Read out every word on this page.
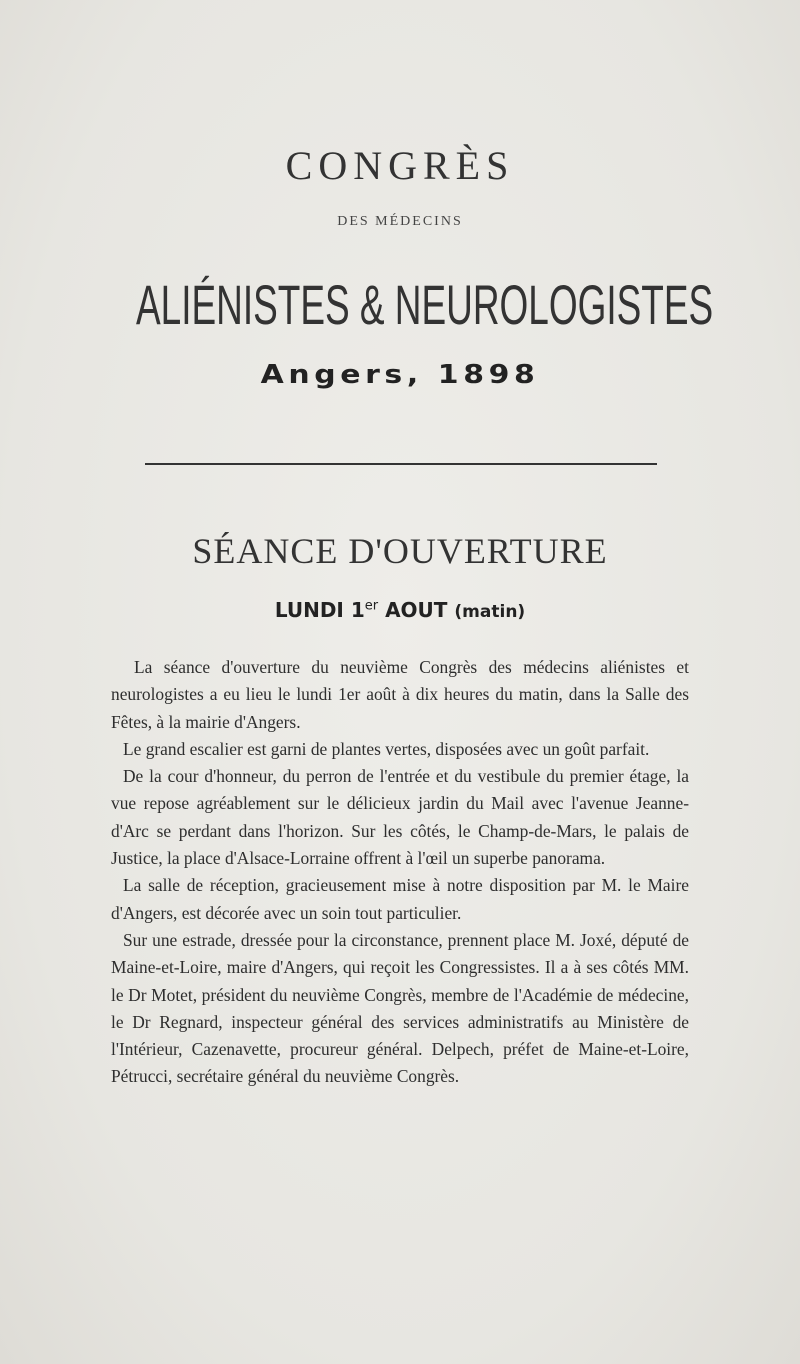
CONGRÈS
DES MÉDECINS
ALIÉNISTES & NEUROLOGISTES
Angers, 1898
SÉANCE D'OUVERTURE
LUNDI 1er AOUT (matin)

La séance d'ouverture du neuvième Congrès des médecins aliénistes et neurologistes a eu lieu le lundi 1er août à dix heures du matin, dans la Salle des Fêtes, à la mairie d'Angers.

Le grand escalier est garni de plantes vertes, disposées avec un goût parfait.

De la cour d'honneur, du perron de l'entrée et du vestibule du premier étage, la vue repose agréablement sur le délicieux jardin du Mail avec l'avenue Jeanne-d'Arc se perdant dans l'horizon. Sur les côtés, le Champ-de-Mars, le palais de Justice, la place d'Alsace-Lorraine offrent à l'œil un superbe panorama.

La salle de réception, gracieusement mise à notre disposition par M. le Maire d'Angers, est décorée avec un soin tout particulier.

Sur une estrade, dressée pour la circonstance, prennent place M. Joxé, député de Maine-et-Loire, maire d'Angers, qui reçoit les Congressistes. Il a à ses côtés MM. le Dr Motet, président du neuvième Congrès, membre de l'Académie de médecine, le Dr Regnard, inspecteur général des services administratifs au Ministère de l'Intérieur, Cazenavette, procureur général. Delpech, préfet de Maine-et-Loire, Pétrucci, secrétaire général du neuvième Congrès.
